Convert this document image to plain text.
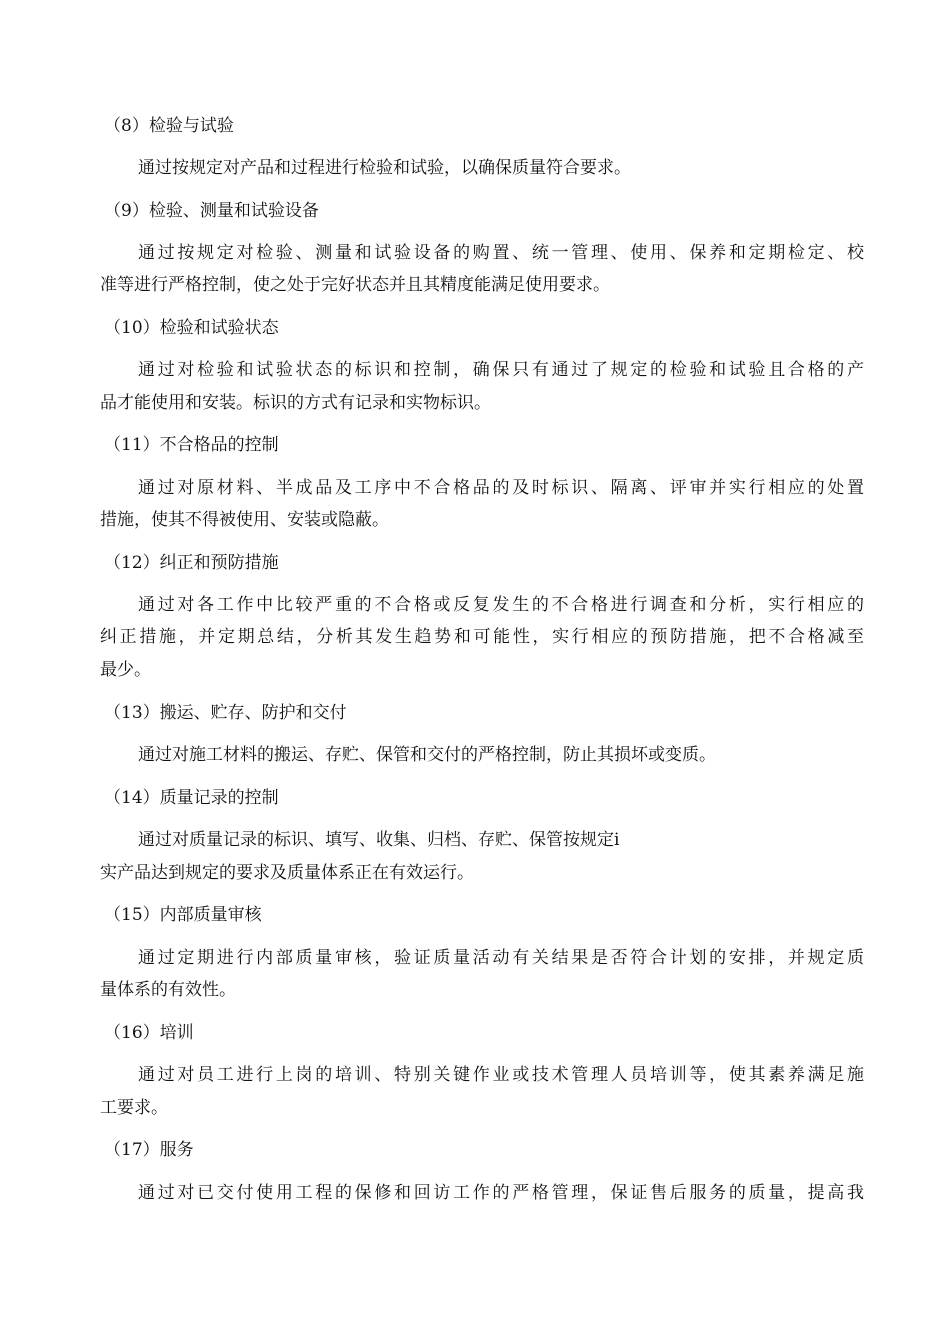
（8）检验与试验
通过按规定对产品和过程进行检验和试验，以确保质量符合要求。
（9）检验、测量和试验设备
通过按规定对检验、测量和试验设备的购置、统一管理、使用、保养和定期检定、校
准等进行严格控制，使之处于完好状态并且其精度能满足使用要求。
（10）检验和试验状态
通过对检验和试验状态的标识和控制，确保只有通过了规定的检验和试验且合格的产
品才能使用和安装。标识的方式有记录和实物标识。
（11）不合格品的控制
通过对原材料、半成品及工序中不合格品的及时标识、隔离、评审并实行相应的处置
措施，使其不得被使用、安装或隐蔽。
（12）纠正和预防措施
通过对各工作中比较严重的不合格或反复发生的不合格进行调查和分析，实行相应的
纠正措施，并定期总结，分析其发生趋势和可能性，实行相应的预防措施，把不合格减至
最少。
（13）搬运、贮存、防护和交付
通过对施工材料的搬运、存贮、保管和交付的严格控制，防止其损坏或变质。
（14）质量记录的控制
通过对质量记录的标识、填写、收集、归档、存贮、保管按规定i
实产品达到规定的要求及质量体系正在有效运行。
（15）内部质量审核
通过定期进行内部质量审核，验证质量活动有关结果是否符合计划的安排，并规定质
量体系的有效性。
（16）培训
通过对员工进行上岗的培训、特别关键作业或技术管理人员培训等，使其素养满足施
工要求。
（17）服务
通过对已交付使用工程的保修和回访工作的严格管理，保证售后服务的质量，提高我
